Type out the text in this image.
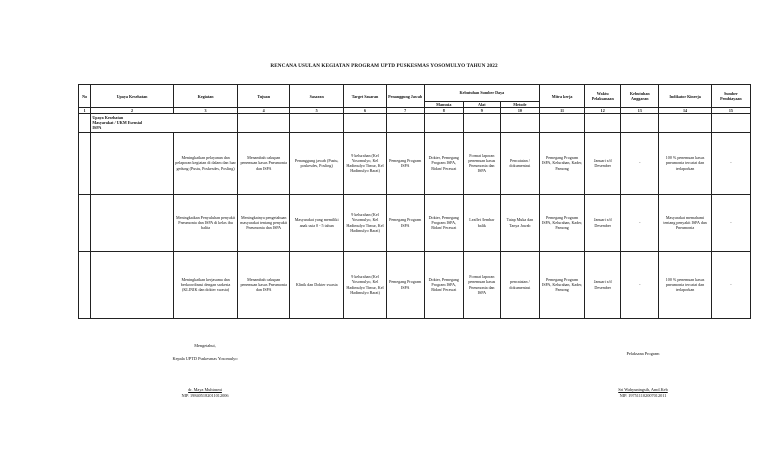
RENCANA USULAN KEGIATAN PROGRAM UPTD PUSKESMAS YOSOMULYO TAHUN 2022
No	Upaya Kesehatan	Kegiatan	Tujuan	Sasaran	Target Sasaran	Penanggung Jawab	Kebutuhan Sumber Daya			Mitra kerja	Waktu Pelaksanaan	Kebutuhan Anggaran	Indikator Kinerja	Sumber Pembiayaan
							Manusia	Alat	Metode					
1	2	3	4	5	6	7	8	9	10	11	12	13	14	15

	Upaya Kesehatan
Masyarakat / UKM Esensial
ISPA													

		Meningkatkan pelayanan dan pelaporan kegiatan di dalam dan luar gedung (Pustu, Poskesdes, Posling)	Menambah cakupan penemuan kasus Pneumonia dan ISPA	Penanggung jawab (Pustu, poskesdes, Posling)	9 kelurahan (Kel Yosomulyo, Kel Hadimulyo Timur, Kel Hadimulyo Barat)	Pemegang Program ISPA	Dokter, Pemegang Program ISPA, Bidan/ Perawat	Format laporan penemuan kasus Pneumonia dan ISPA	Pencatatan / dokumentasi	Pemegang Program ISPA, Kelurahan, Kader, Pamong	Januari s/d Desember	-	100 % penemuan kasus pneumonia tercatat dan terlaporkan	-
		Meningkatkan Penyuluhan penyakit Pneumonia dan ISPA di kelas ibu balita	Meningkatnya pengetahuan masyarakat tentang penyakit Pneumonia dan ISPA	Masyarakat yang memiliki anak usia 0 - 5 tahun	9 kelurahan (Kel Yosomulyo, Kel Hadimulyo Timur, Kel Hadimulyo Barat)	Pemegang Program ISPA	Dokter, Pemegang Program ISPA, Bidan/ Perawat	Leaflet /lembar balik	Tatap Muka dan Tanya Jawab	Pemegang Program ISPA, Kelurahan, Kader, Pamong	Januari s/d Desember	-	Masyarakat memahami tentang penyakit ISPA dan Pneumonia	-
		Meningkatkan kerjasama dan berkoordinasi dengan sarkesta (KLINIK dan dokter swasta)	Menambah cakupan penemuan kasus Pneumonia dan ISPA	Klinik dan Dokter swasta	9 kelurahan (Kel Yosomulyo, Kel Hadimulyo Timur, Kel Hadimulyo Barat)	Pemegang Program ISPA	Dokter, Pemegang Program ISPA, Bidan/ Perawat	Format laporan penemuan kasus Pneumonia dan ISPA	pencatatan / dokumentasi	Pemegang Program ISPA, Kelurahan, Kader, Pamong	Januari s/d Desember	-	100 % penemuan kasus pneumonia tercatat dan terlaporkan	-
Mengetahui,
Kepala UPTD Puskesmas Yosomulyo
dr. Maya Muhtasmi
NIP. 198405182011012006
Pelaksana Program
Sri Wahyuningsih, Amd.Keb
NIP. 197511102007012011
